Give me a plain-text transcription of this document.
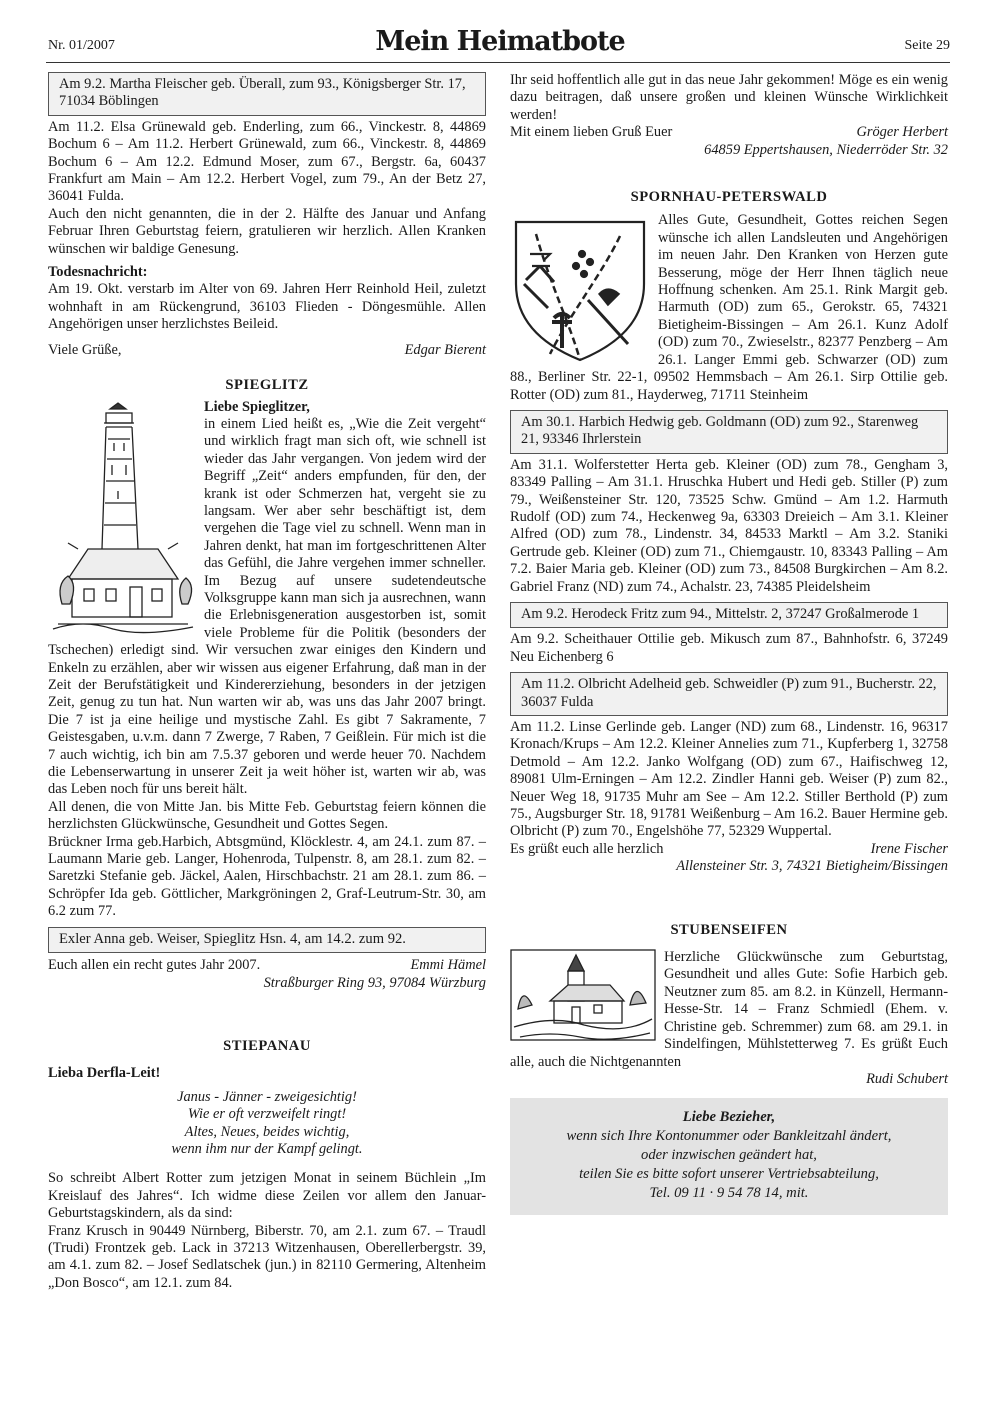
Nr. 01/2007	Mein Heimatbote	Seite 29
Am 9.2. Martha Fleischer geb. Überall, zum 93., Königsberger Str. 17, 71034 Böblingen

Am 11.2. Elsa Grünewald geb. Enderling, zum 66., Vinckestr. 8, 44869 Bochum 6 – Am 11.2. Herbert Grünewald, zum 66., Vinckestr. 8, 44869 Bochum 6 – Am 12.2. Edmund Moser, zum 67., Bergstr. 6a, 60437 Frankfurt am Main – Am 12.2. Herbert Vogel, zum 79., An der Betz 27, 36041 Fulda.

Auch den nicht genannten, die in der 2. Hälfte des Januar und Anfang Februar Ihren Geburtstag feiern, gratulieren wir herzlich. Allen Kranken wünschen wir baldige Genesung.

Todesnachricht:

Am 19. Okt. verstarb im Alter von 69. Jahren Herr Reinhold Heil, zuletzt wohnhaft in am Rückengrund, 36103 Flieden - Döngesmühle. Allen Angehörigen unser herzlichstes Beileid.

Viele Grüße,	Edgar Bierent
SPIEGLITZ

Liebe Spieglitzer,

in einem Lied heißt es, „Wie die Zeit vergeht“ und wirklich fragt man sich oft, wie schnell ist wieder das Jahr vergangen. Von jedem wird der Begriff „Zeit“ anders empfunden, für den, der krank ist oder Schmerzen hat, vergeht sie zu langsam. Wer aber sehr beschäftigt ist, dem vergehen die Tage viel zu schnell. Wenn man in Jahren denkt, hat man im fortgeschrittenen Alter das Gefühl, die Jahre vergehen immer schneller. Im Bezug auf unsere sudetendeutsche Volksgruppe kann man sich ja ausrechnen, wann die Erlebnisgeneration ausgestorben ist, somit viele Probleme für die Politik (besonders der Tschechen) erledigt sind. Wir versuchen zwar einiges den Kindern und Enkeln zu erzählen, aber wir wissen aus eigener Erfahrung, daß man in der Zeit der Berufstätigkeit und Kindererziehung, besonders in der jetzigen Zeit, genug zu tun hat. Nun warten wir ab, was uns das Jahr 2007 bringt. Die 7 ist ja eine heilige und mystische Zahl. Es gibt 7 Sakramente, 7 Geistesgaben, u.v.m. dann 7 Zwerge, 7 Raben, 7 Geißlein. Für mich ist die 7 auch wichtig, ich bin am 7.5.37 geboren und werde heuer 70. Nachdem die Lebenserwartung in unserer Zeit ja weit höher ist, warten wir ab, was das Leben noch für uns bereit hält.

All denen, die von Mitte Jan. bis Mitte Feb. Geburtstag feiern können die herzlichsten Glückwünsche, Gesundheit und Gottes Segen.

Brückner Irma geb.Harbich, Abtsgmünd, Klöcklestr. 4, am 24.1. zum 87. – Laumann Marie geb. Langer, Hohenroda, Tulpenstr. 8, am 28.1. zum 82. – Saretzki Stefanie geb. Jäckel, Aalen, Hirschbachstr. 21 am 28.1. zum 86. – Schröpfer Ida geb. Göttlicher, Markgröningen 2, Graf-Leutrum-Str. 30, am 6.2 zum 77.

Exler Anna geb. Weiser, Spieglitz Hsn. 4, am 14.2. zum 92.
Euch allen ein recht gutes Jahr 2007.	Emmi Hämel
Straßburger Ring 93, 97084 Würzburg
STIEPANAU
Lieba Derfla-Leit!
Janus - Jänner - zweigesichtig!
Wie er oft verzweifelt ringt!
Altes, Neues, beides wichtig,
wenn ihm nur der Kampf gelingt.

So schreibt Albert Rotter zum jetzigen Monat in seinem Büchlein „Im Kreislauf des Jahres“. Ich widme diese Zeilen vor allem den Januar-Geburtstagskindern, als da sind:

Franz Krusch in 90449 Nürnberg, Biberstr. 70, am 2.1. zum 67. – Traudl (Trudi) Frontzek geb. Lack in 37213 Witzenhausen, Oberellerbergstr. 39, am 4.1. zum 82. – Josef Sedlatschek (jun.) in 82110 Germering, Altenheim „Don Bosco“, am 12.1. zum 84.

Ihr seid hoffentlich alle gut in das neue Jahr gekommen! Möge es ein wenig dazu beitragen, daß unsere großen und kleinen Wünsche Wirklichkeit werden!

Mit einem lieben Gruß Euer	Gröger Herbert
64859 Eppertshausen, Niederröder Str. 32
SPORNHAU-PETERSWALD

Alles Gute, Gesundheit, Gottes reichen Segen wünsche ich allen Landsleuten und Angehörigen im neuen Jahr. Den Kranken von Herzen gute Besserung, möge der Herr Ihnen täglich neue Hoffnung schenken. Am 25.1. Rink Margit geb. Harmuth (OD) zum 65., Gerokstr. 65, 74321 Bietigheim-Bissingen – Am 26.1. Kunz Adolf (OD) zum 70., Zwieselstr., 82377 Penzberg – Am 26.1. Langer Emmi geb. Schwarzer (OD) zum 88., Berliner Str. 22-1, 09502 Hemmsbach – Am 26.1. Sirp Ottilie geb. Rotter (OD) zum 81., Hayderweg, 71711 Steinheim

Am 30.1. Harbich Hedwig geb. Goldmann (OD) zum 92., Starenweg 21, 93346 Ihrlerstein

Am 31.1. Wolferstetter Herta geb. Kleiner (OD) zum 78., Gengham 3, 83349 Palling – Am 31.1. Hruschka Hubert und Hedi geb. Stiller (P) zum 79., Weißensteiner Str. 120, 73525 Schw. Gmünd – Am 1.2. Harmuth Rudolf (OD) zum 74., Heckenweg 9a, 63303 Dreieich – Am 3.1. Kleiner Alfred (OD) zum 78., Lindenstr. 34, 84533 Marktl – Am 3.2. Staniki Gertrude geb. Kleiner (OD) zum 71., Chiemgaustr. 10, 83343 Palling – Am 7.2. Baier Maria geb. Kleiner (OD) zum 73., 84508 Burgkirchen – Am 8.2. Gabriel Franz (ND) zum 74., Achalstr. 23, 74385 Pleidelsheim

Am 9.2. Herodeck Fritz zum 94., Mittelstr. 2, 37247 Großalmerode 1

Am 9.2. Scheithauer Ottilie geb. Mikusch zum 87., Bahnhofstr. 6, 37249 Neu Eichenberg 6

Am 11.2. Olbricht Adelheid geb. Schweidler (P) zum 91., Bucherstr. 22, 36037 Fulda

Am 11.2. Linse Gerlinde geb. Langer (ND) zum 68., Lindenstr. 16, 96317 Kronach/Krups – Am 12.2. Kleiner Annelies zum 71., Kupferberg 1, 32758 Detmold – Am 12.2. Janko Wolfgang (OD) zum 67., Haifischweg 12, 89081 Ulm-Erningen – Am 12.2. Zindler Hanni geb. Weiser (P) zum 82., Neuer Weg 18, 91735 Muhr am See – Am 12.2. Stiller Berthold (P) zum 75., Augsburger Str. 18, 91781 Weißenburg – Am 16.2. Bauer Hermine geb. Olbricht (P) zum 70., Engelshöhe 77, 52329 Wuppertal.

Es grüßt euch alle herzlich	Irene Fischer
Allensteiner Str. 3, 74321 Bietigheim/Bissingen
STUBENSEIFEN

Herzliche Glückwünsche zum Geburtstag, Gesundheit und alles Gute: Sofie Harbich geb. Neutzner zum 85. am 8.2. in Künzell, Hermann-Hesse-Str. 14 – Franz Schmiedl (Ehem. v. Christine geb. Schremmer) zum 68. am 29.1. in Sindelfingen, Mühlstetterweg 7. Es grüßt Euch alle, auch die Nichtgenannten

Rudi Schubert
Liebe Bezieher,
wenn sich Ihre Kontonummer oder Bankleitzahl ändert,
oder inzwischen geändert hat,
teilen Sie es bitte sofort unserer Vertriebsabteilung,
Tel. 09 11 · 9 54 78 14, mit.
